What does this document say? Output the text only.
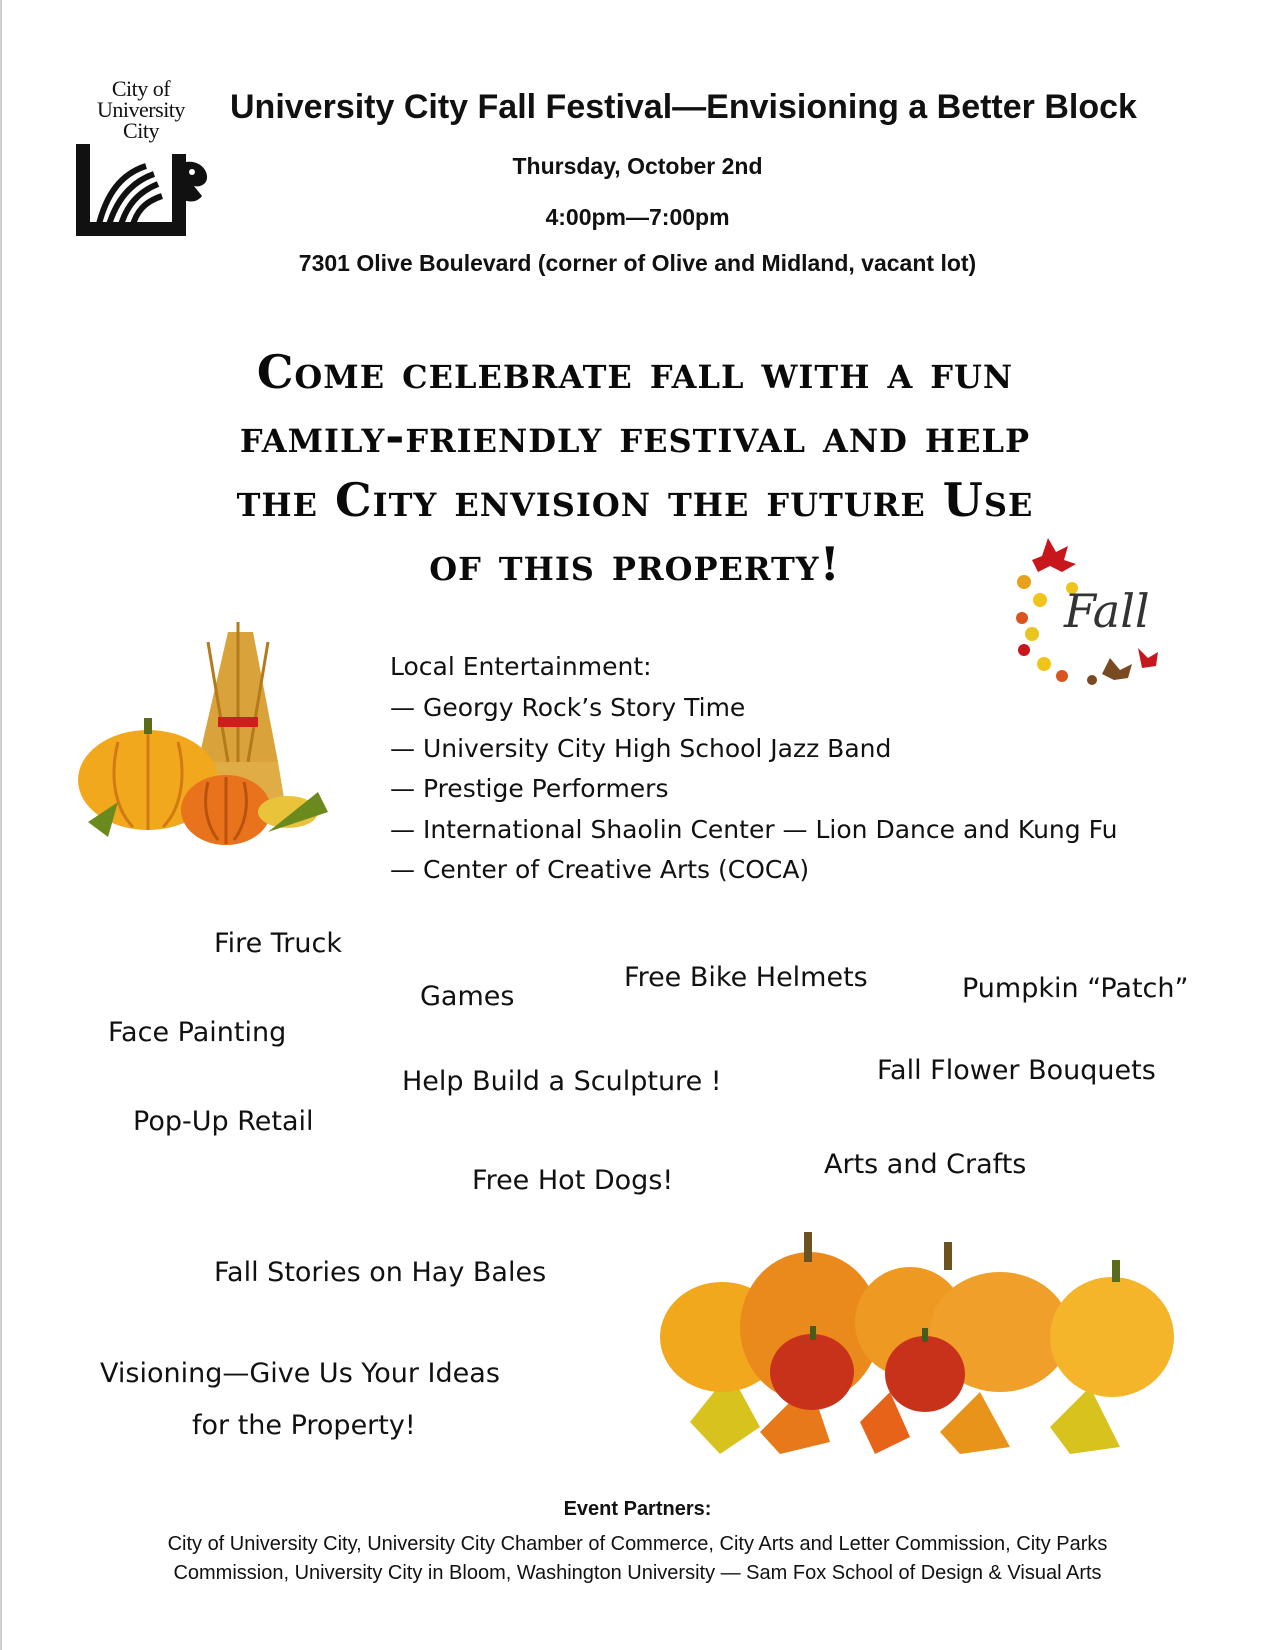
City of
University
City
University City Fall Festival—Envisioning a Better Block
Thursday, October 2nd
4:00pm—7:00pm
7301 Olive Boulevard (corner of Olive and Midland, vacant lot)
Come celebrate fall with a fun
family-friendly festival and help
the City envision the future Use
of this property!
Fall
Local Entertainment:
— Georgy Rock’s Story Time
— University City High School Jazz Band
— Prestige Performers
— International Shaolin Center — Lion Dance and Kung Fu
— Center of Creative Arts (COCA)
Fire Truck
Games
Free Bike Helmets	Pumpkin “Patch”
Face Painting
Help Build a Sculpture !	Fall Flower Bouquets
Pop-Up Retail
Free Hot Dogs!
Arts and Crafts
Fall Stories on Hay Bales
Visioning—Give Us Your Ideas
for the Property!
Event Partners:
City of University City, University City Chamber of Commerce, City Arts and Letter Commission, City Parks
Commission, University City in Bloom, Washington University — Sam Fox School of Design & Visual Arts
